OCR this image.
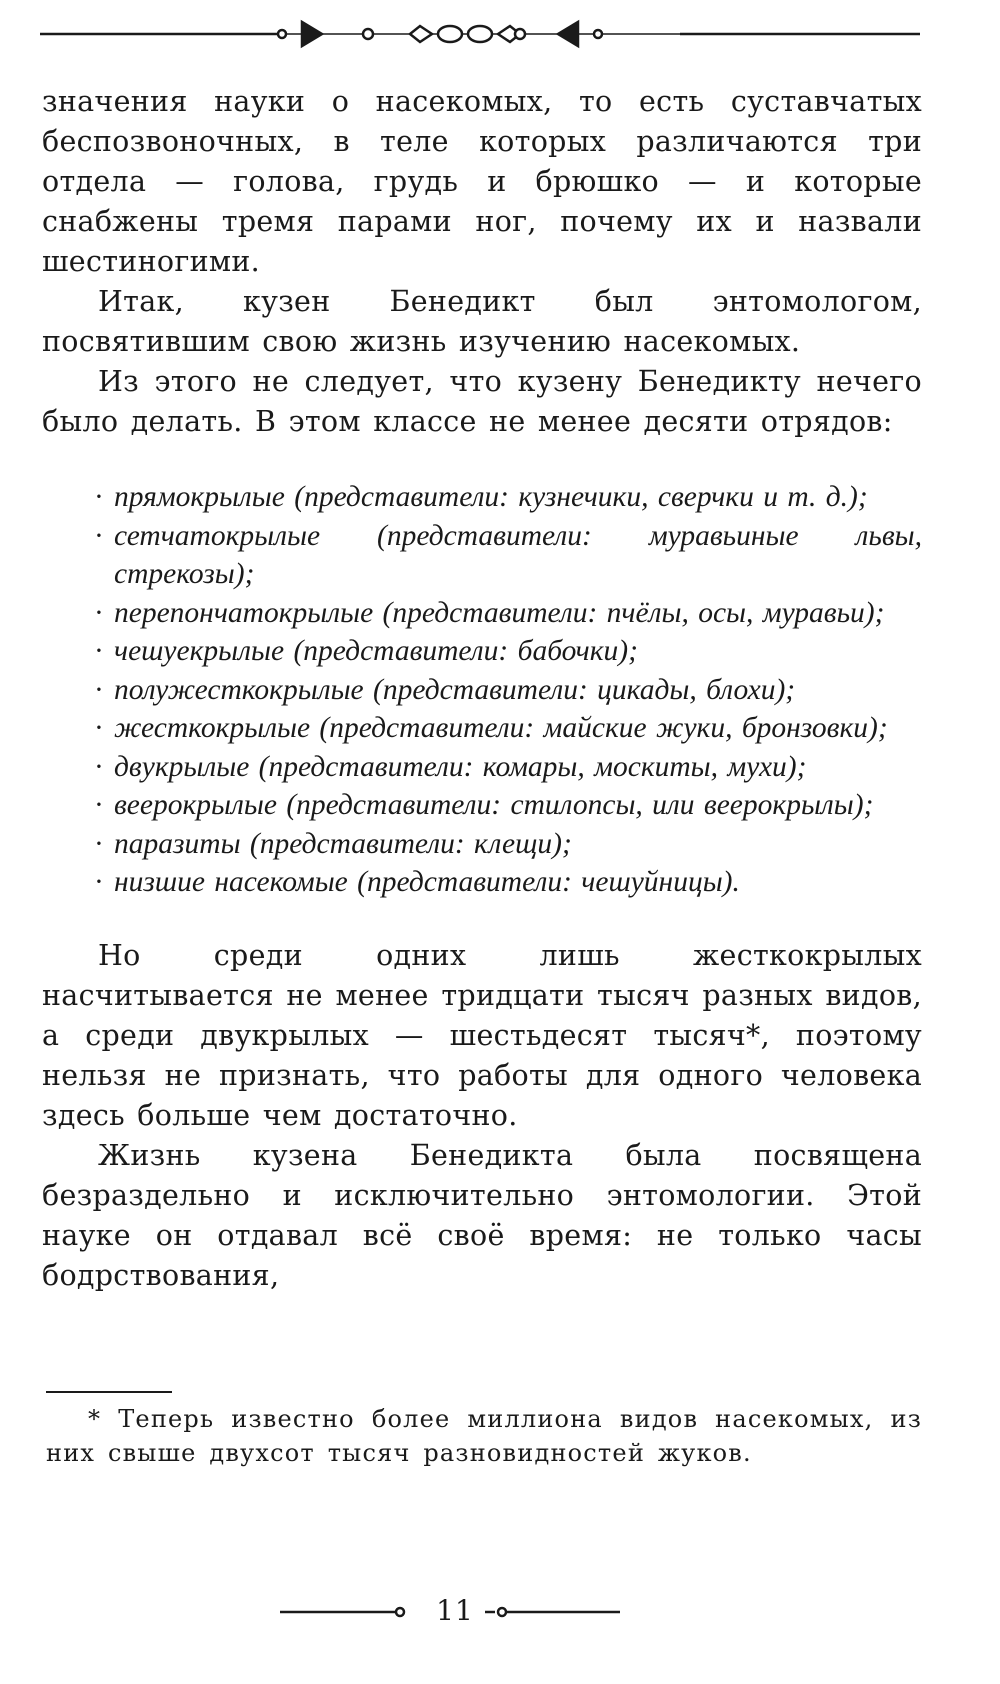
значения науки о насекомых, то есть суставчатых беспозвоночных, в теле которых различаются три отдела — голова, грудь и брюшко — и которые снабжены тремя парами ног, почему их и назвали шестиногими.

Итак, кузен Бенедикт был энтомологом, посвятившим свою жизнь изучению насекомых.

Из этого не следует, что кузену Бенедикту нечего было делать. В этом классе не менее десяти отрядов:

· прямокрылые (представители: кузнечики, сверчки и т. д.);
· сетчатокрылые (представители: муравьиные львы, стрекозы);
· перепончатокрылые (представители: пчёлы, осы, муравьи);
· чешуекрылые (представители: бабочки);
· полужесткокрылые (представители: цикады, блохи);
· жесткокрылые (представители: майские жуки, бронзовки);
· двукрылые (представители: комары, москиты, мухи);
· веерокрылые (представители: стилопсы, или веерокрылы);
· паразиты (представители: клещи);
· низшие насекомые (представители: чешуйницы).

Но среди одних лишь жесткокрылых насчитывается не менее тридцати тысяч разных видов, а среди двукрылых — шестьдесят тысяч*, поэтому нельзя не признать, что работы для одного человека здесь больше чем достаточно.

Жизнь кузена Бенедикта была посвящена безраздельно и исключительно энтомологии. Этой науке он отдавал всё своё время: не только часы бодрствования,

* Теперь известно более миллиона видов насекомых, из них свыше двухсот тысяч разновидностей жуков.

11
